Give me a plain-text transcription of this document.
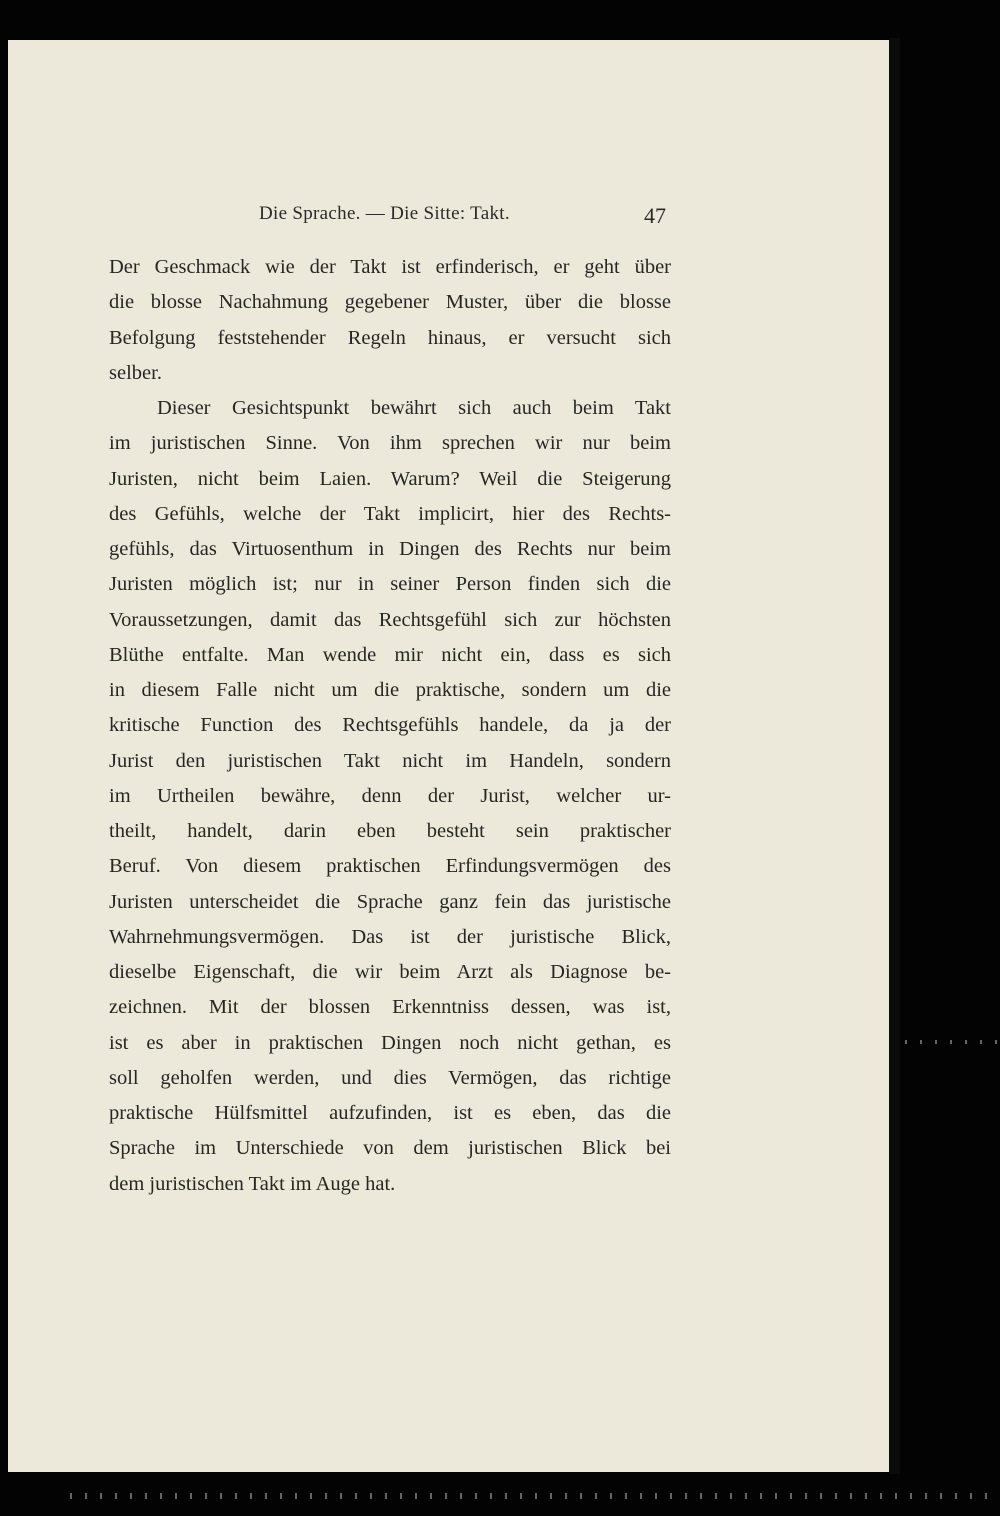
Die Sprache. — Die Sitte: Takt.	47
Der Geschmack wie der Takt ist erfinderisch, er geht über
die blosse Nachahmung gegebener Muster, über die blosse
Befolgung feststehender Regeln hinaus, er versucht sich
selber.
Dieser Gesichtspunkt bewährt sich auch beim Takt
im juristischen Sinne. Von ihm sprechen wir nur beim
Juristen, nicht beim Laien. Warum? Weil die Steigerung
des Gefühls, welche der Takt implicirt, hier des Rechts-
gefühls, das Virtuosenthum in Dingen des Rechts nur beim
Juristen möglich ist; nur in seiner Person finden sich die
Voraussetzungen, damit das Rechtsgefühl sich zur höchsten
Blüthe entfalte. Man wende mir nicht ein, dass es sich
in diesem Falle nicht um die praktische, sondern um die
kritische Function des Rechtsgefühls handele, da ja der
Jurist den juristischen Takt nicht im Handeln, sondern
im Urtheilen bewähre, denn der Jurist, welcher ur-
theilt, handelt, darin eben besteht sein praktischer
Beruf. Von diesem praktischen Erfindungsvermögen des
Juristen unterscheidet die Sprache ganz fein das juristische
Wahrnehmungsvermögen. Das ist der juristische Blick,
dieselbe Eigenschaft, die wir beim Arzt als Diagnose be-
zeichnen. Mit der blossen Erkenntniss dessen, was ist,
ist es aber in praktischen Dingen noch nicht gethan, es
soll geholfen werden, und dies Vermögen, das richtige
praktische Hülfsmittel aufzufinden, ist es eben, das die
Sprache im Unterschiede von dem juristischen Blick bei
dem juristischen Takt im Auge hat.
